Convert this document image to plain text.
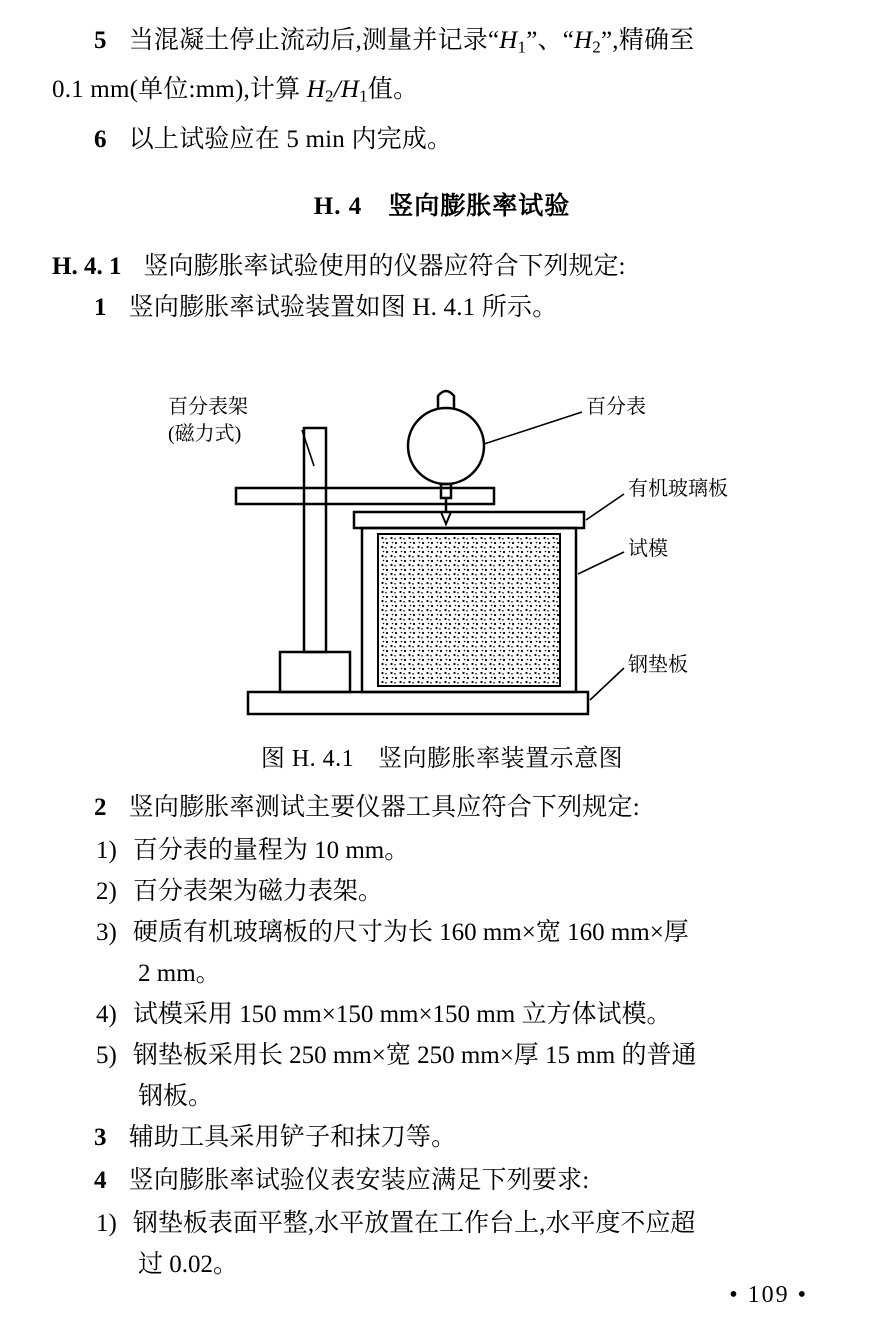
5 当混凝土停止流动后,测量并记录“$H_1$”、“$H_2$”,精确至

0.1 mm(单位:mm),计算 $H_2/H_1$值。

6 以上试验应在 5 min 内完成。

H. 4 竖向膨胀率试验

H. 4. 1 竖向膨胀率试验使用的仪器应符合下列规定:

1 竖向膨胀率试验装置如图 H. 4.1 所示。

百分表架
(磁力式)
百分表
有机玻璃板
试模
钢垫板
图 H. 4.1 竖向膨胀率装置示意图

2 竖向膨胀率测试主要仪器工具应符合下列规定:

1) 百分表的量程为 10 mm。

2) 百分表架为磁力表架。

3) 硬质有机玻璃板的尺寸为长 160 mm×宽 160 mm×厚

2 mm。

4) 试模采用 150 mm×150 mm×150 mm 立方体试模。

5) 钢垫板采用长 250 mm×宽 250 mm×厚 15 mm 的普通

钢板。

3 辅助工具采用铲子和抹刀等。

4 竖向膨胀率试验仪表安装应满足下列要求:

1) 钢垫板表面平整,水平放置在工作台上,水平度不应超

过 0.02。

• 109 •
